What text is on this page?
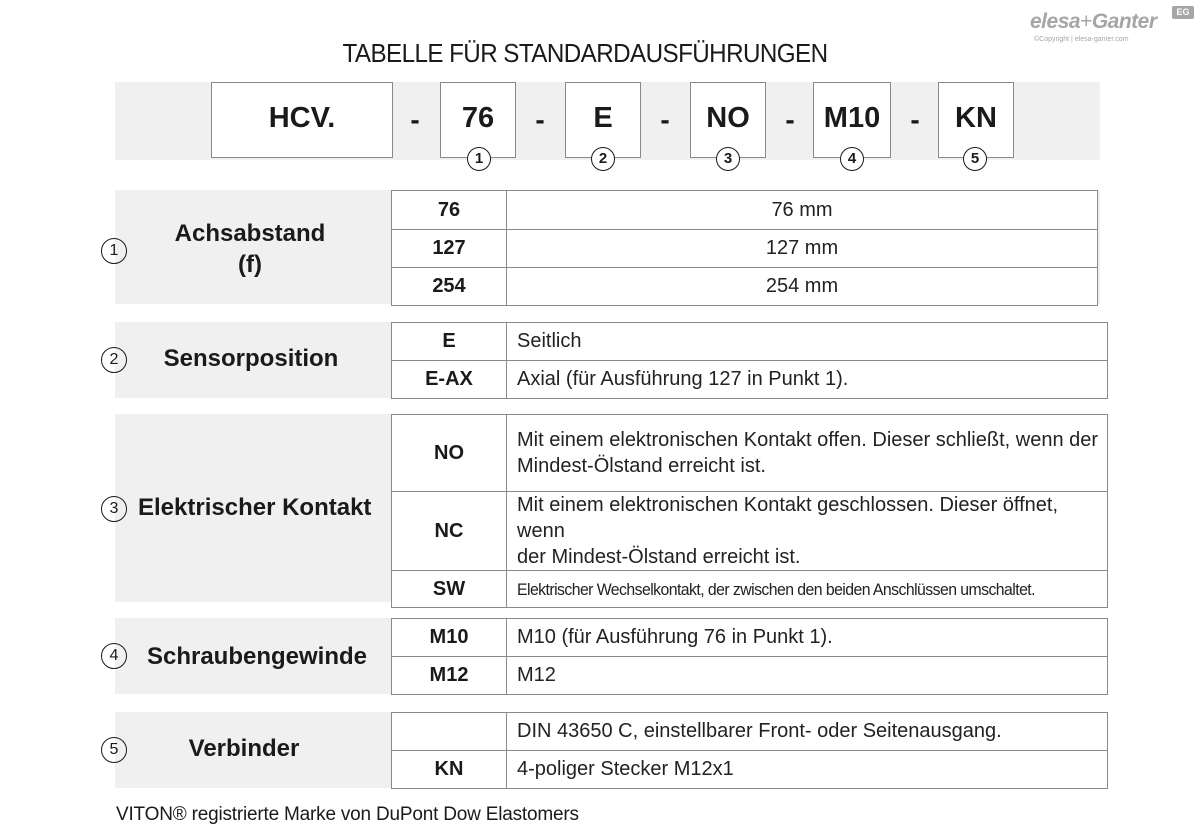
elesa+Ganter	EG
©Copyright | elesa-ganter.com
TABELLE FÜR STANDARDAUSFÜHRUNGEN
HCV.	-	76	-	E	-	NO	-	M10	-	KN
1	2	3	4	5
1
Achsabstand
(f)
76	76 mm
127	127 mm
254	254 mm
2	Sensorposition
E	Seitlich
E-AX	Axial (für Ausführung 127 in Punkt 1).
3 Elektrischer Kontakt
NO	Mit einem elektronischen Kontakt offen. Dieser schließt, wenn der
Mindest-Ölstand erreicht ist.

NC	Mit einem elektronischen Kontakt geschlossen. Dieser öffnet, wenn
der Mindest-Ölstand erreicht ist.

SW	Elektrischer Wechselkontakt, der zwischen den beiden Anschlüssen umschaltet.
4	Schraubengewinde
M10	M10 (für Ausführung 76 in Punkt 1).
M12	M12
5	Verbinder
	DIN 43650 C, einstellbarer Front- oder Seitenausgang.
KN	4-poliger Stecker M12x1
VITON® registrierte Marke von DuPont Dow Elastomers
